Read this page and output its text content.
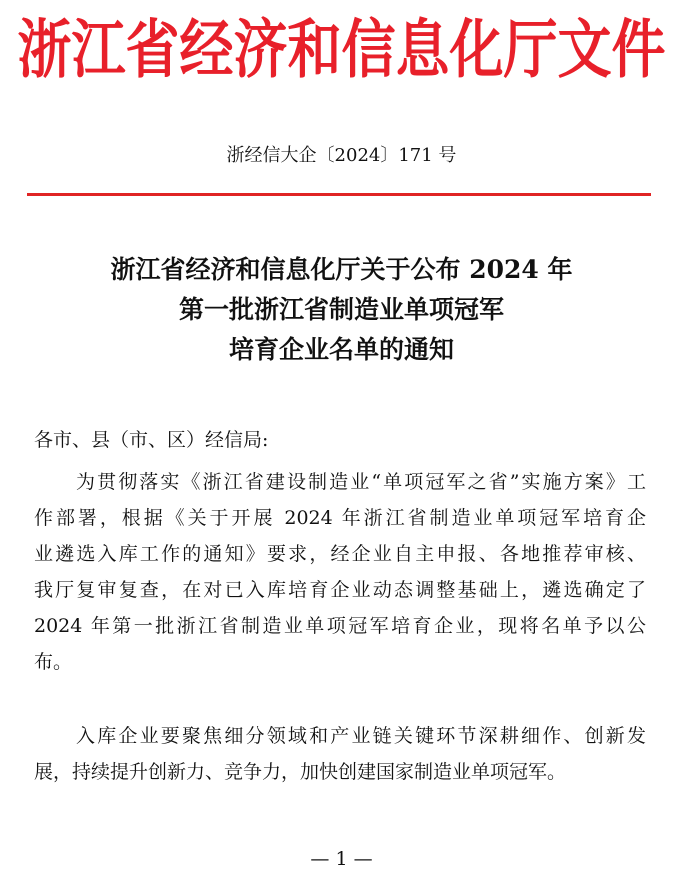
浙江省经济和信息化厅文件
浙经信大企〔2024〕171 号
浙江省经济和信息化厅关于公布 2024 年
第一批浙江省制造业单项冠军
培育企业名单的通知
各市、县（市、区）经信局:
为贯彻落实《浙江省建设制造业“单项冠军之省”实施方案》工
作部署，根据《关于开展 2024 年浙江省制造业单项冠军培育企
业遴选入库工作的通知》要求，经企业自主申报、各地推荐审核、
我厅复审复查，在对已入库培育企业动态调整基础上，遴选确定了
2024 年第一批浙江省制造业单项冠军培育企业，现将名单予以公
布。
入库企业要聚焦细分领域和产业链关键环节深耕细作、创新发
展，持续提升创新力、竞争力，加快创建国家制造业单项冠军。
— 1 —
